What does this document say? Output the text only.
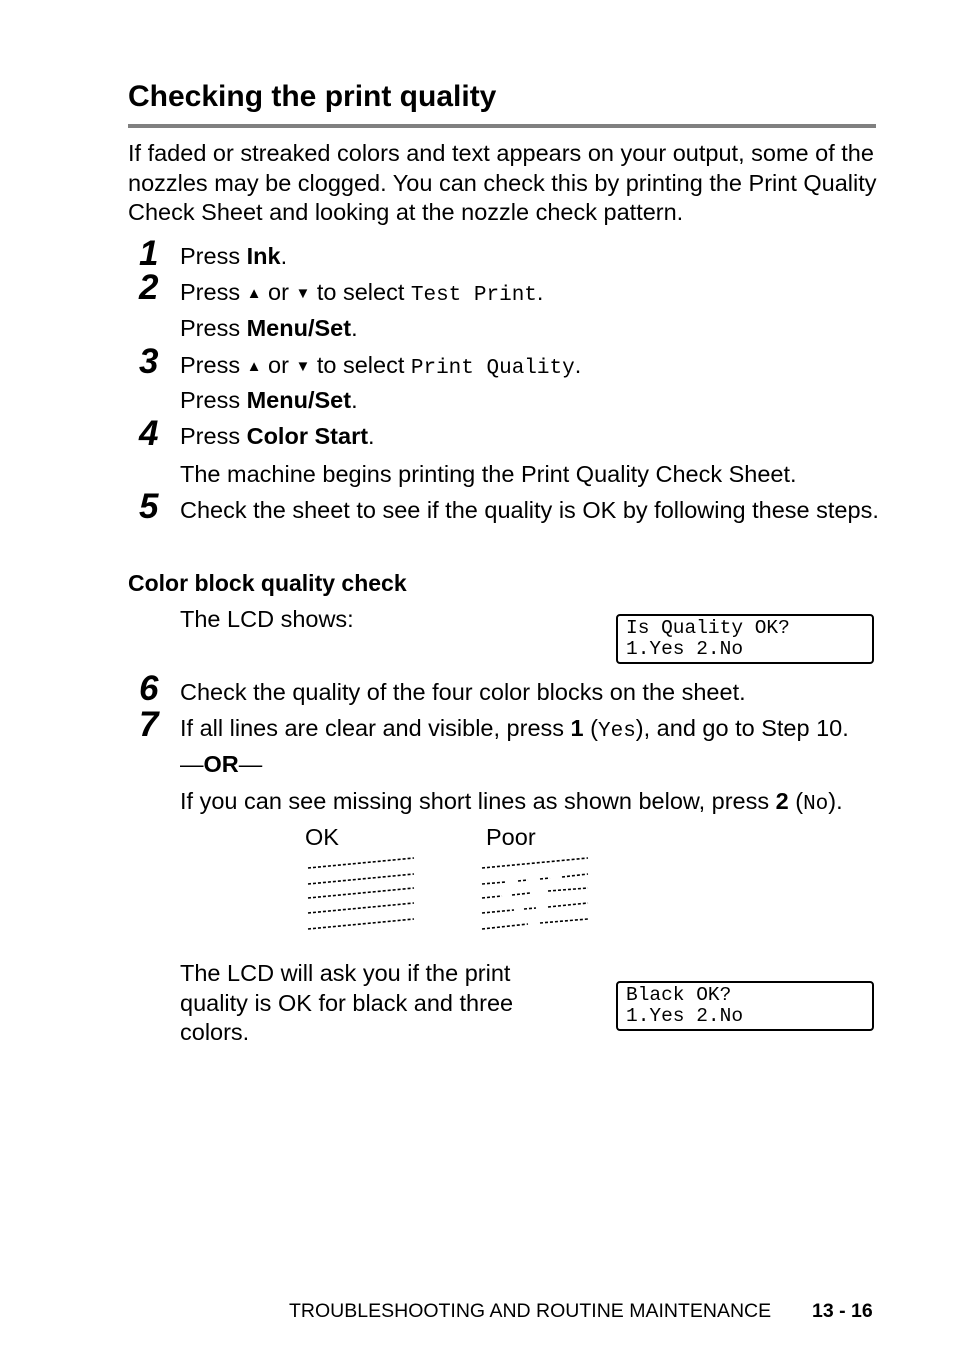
Checking the print quality
If faded or streaked colors and text appears on your output, some of the nozzles may be clogged. You can check this by printing the Print Quality Check Sheet and looking at the nozzle check pattern.
1 Press Ink.
2 Press ▲ or ▼ to select Test Print.
Press Menu/Set.
3 Press ▲ or ▼ to select Print Quality.
Press Menu/Set.
4 Press Color Start.
The machine begins printing the Print Quality Check Sheet.
5 Check the sheet to see if the quality is OK by following these steps.
Color block quality check
The LCD shows:	Is Quality OK?
1.Yes 2.No
6 Check the quality of the four color blocks on the sheet.
7 If all lines are clear and visible, press 1 (Yes), and go to Step 10.
—OR—
If you can see missing short lines as shown below, press 2 (No).
OK	Poor
The LCD will ask you if the print quality is OK for black and three colors.
Black OK?
1.Yes 2.No
TROUBLESHOOTING AND ROUTINE MAINTENANCE 13 - 16
